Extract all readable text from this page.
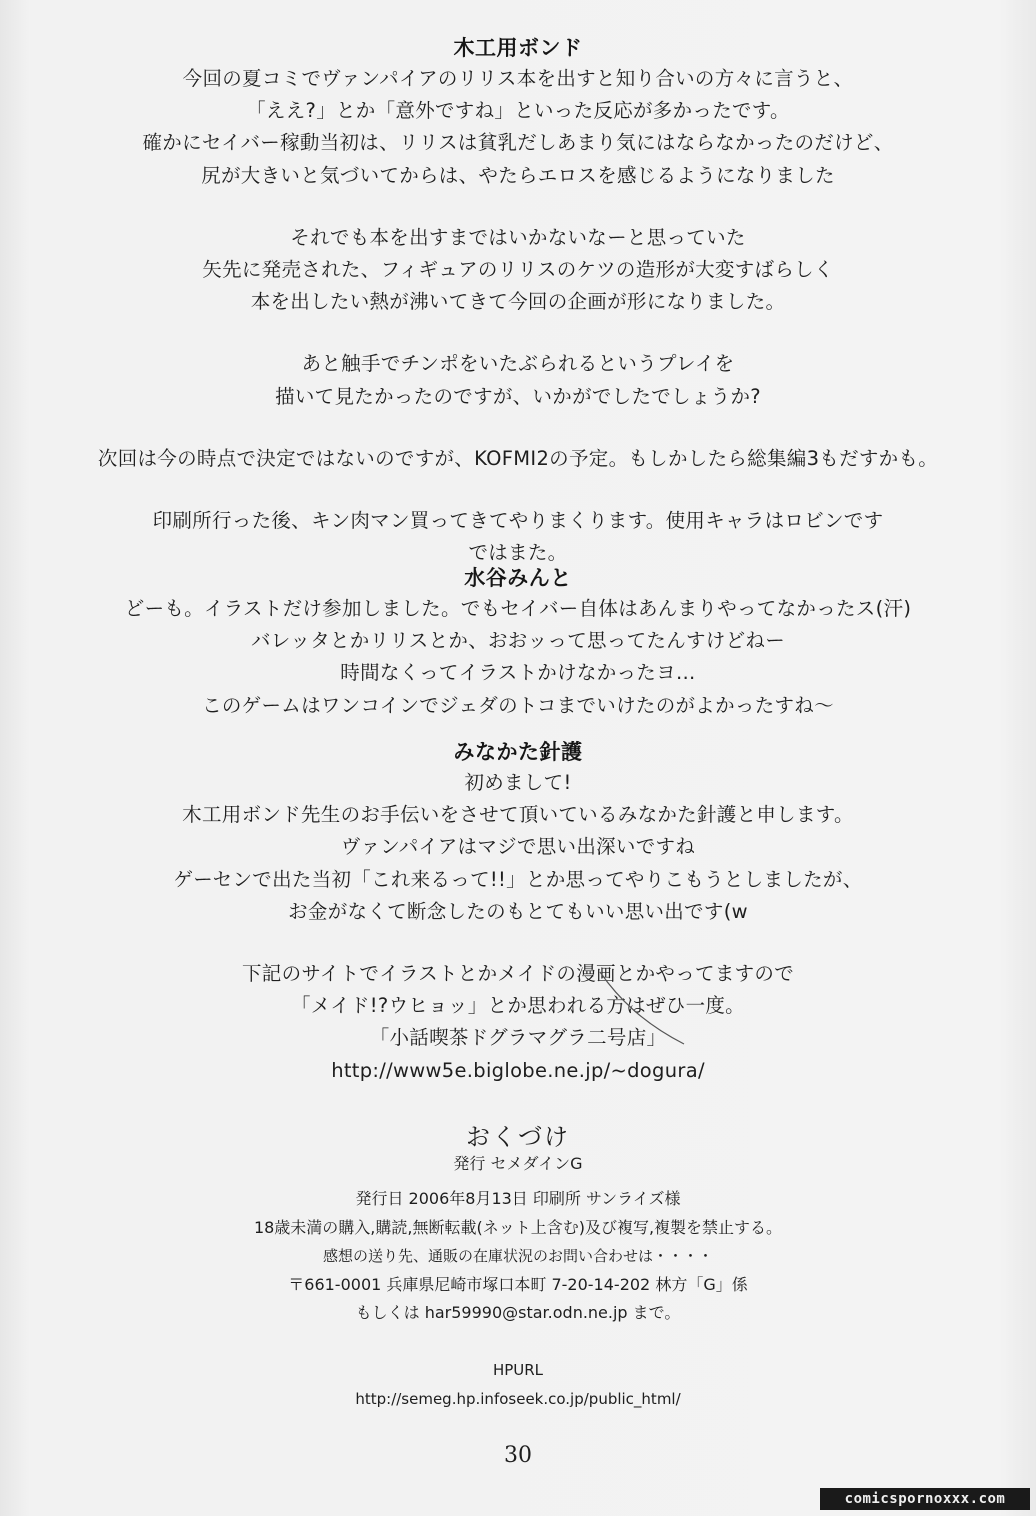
木工用ボンド
今回の夏コミでヴァンパイアのリリス本を出すと知り合いの方々に言うと、
「ええ?」とか「意外ですね」といった反応が多かったです。
確かにセイバー稼動当初は、リリスは貧乳だしあまり気にはならなかったのだけど、
尻が大きいと気づいてからは、やたらエロスを感じるようになりました
それでも本を出すまではいかないなーと思っていた
矢先に発売された、フィギュアのリリスのケツの造形が大変すばらしく
本を出したい熱が沸いてきて今回の企画が形になりました。
あと触手でチンポをいたぶられるというプレイを
描いて見たかったのですが、いかがでしたでしょうか?
次回は今の時点で決定ではないのですが、KOFMI2の予定。もしかしたら総集編3もだすかも。
印刷所行った後、キン肉マン買ってきてやりまくります。使用キャラはロビンです
ではまた。
水谷みんと
どーも。イラストだけ参加しました。でもセイバー自体はあんまりやってなかったス(汗)
バレッタとかリリスとか、おおッって思ってたんすけどねー
時間なくってイラストかけなかったヨ…
このゲームはワンコインでジェダのトコまでいけたのがよかったすね〜
みなかた針護
初めまして!
木工用ボンド先生のお手伝いをさせて頂いているみなかた針護と申します。
ヴァンパイアはマジで思い出深いですね
ゲーセンで出た当初「これ来るって!!」とか思ってやりこもうとしましたが、
お金がなくて断念したのもとてもいい思い出です(w
下記のサイトでイラストとかメイドの漫画とかやってますので
「メイド!?ウヒョッ」とか思われる方はぜひ一度。
「小話喫茶ドグラマグラ二号店」
http://www5e.biglobe.ne.jp/~dogura/
おくづけ
発行 セメダインG
発行日 2006年8月13日 印刷所 サンライズ様
18歳未満の購入,購読,無断転載(ネット上含む)及び複写,複製を禁止する。
感想の送り先、通販の在庫状況のお問い合わせは・・・・
〒661-0001 兵庫県尼崎市塚口本町 7-20-14-202 林方「G」係
もしくは har59990@star.odn.ne.jp まで。
HPURL
http://semeg.hp.infoseek.co.jp/public_html/
30
comicspornoxxx.com
